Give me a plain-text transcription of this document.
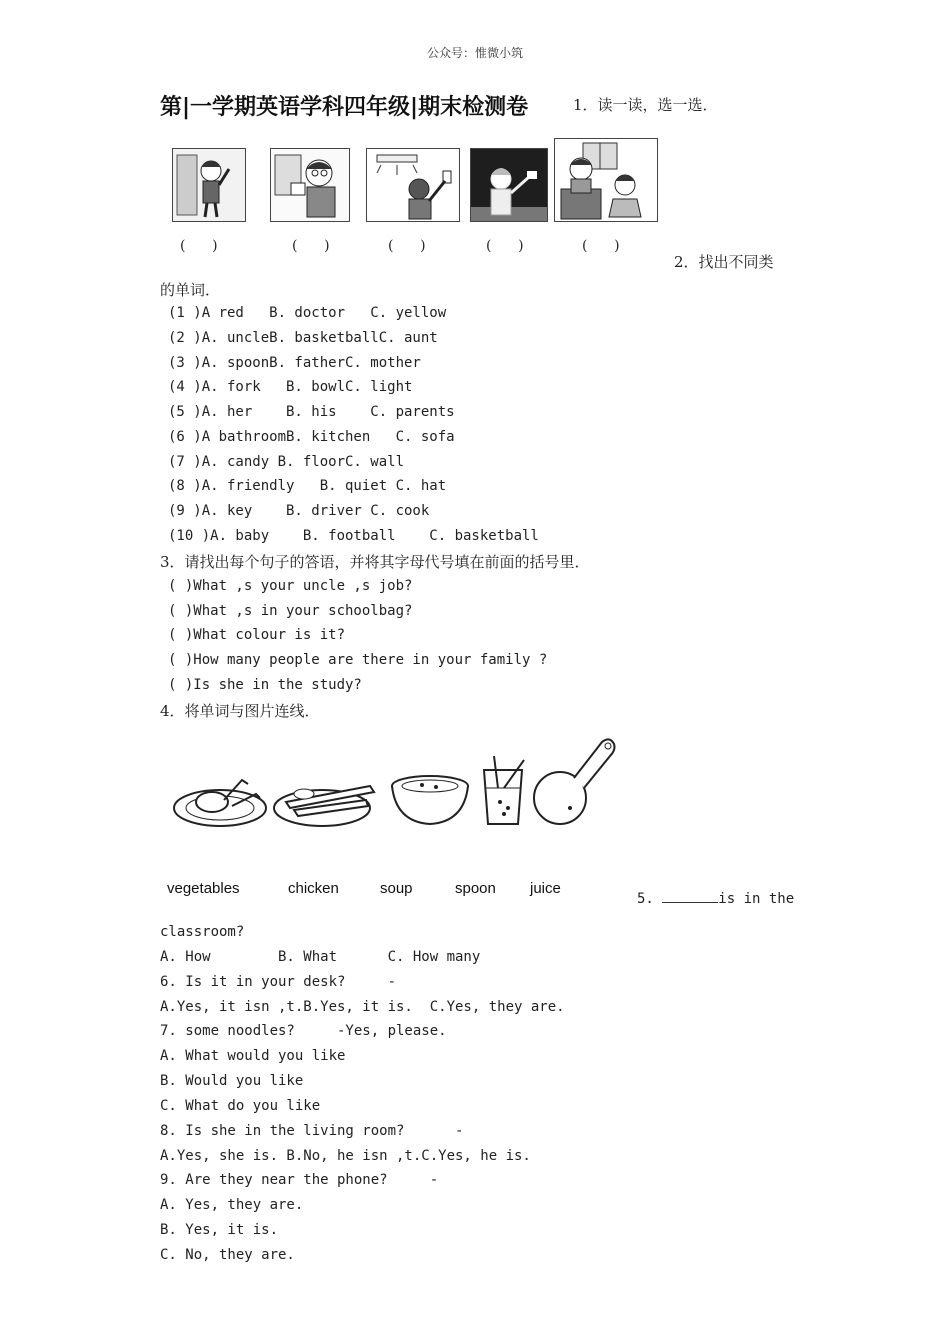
公众号：惟微小筑
第|一学期英语学科四年级|期末检测卷	1．读一读，选一选．
(      )	(      )	(      )	(      )	(      )
2．找出不同类
的单词．
(1 )A red   B. doctor   C. yellow
(2 )A. uncleB. basketballC. aunt
(3 )A. spoonB. fatherC. mother
(4 )A. fork   B. bowlC. light
(5 )A. her    B. his    C. parents
(6 )A bathroomB. kitchen   C. sofa
(7 )A. candy B. floorC. wall
(8 )A. friendly   B. quiet C. hat
(9 )A. key    B. driver C. cook
(10 )A. baby    B. football    C. basketball
3．请找出每个句子的答语，并将其字母代号填在前面的括号里．
( )What ,s your uncle ,s job?
( )What ,s in your schoolbag?
( )What colour is it?
( )How many people are there in your family ?
( )Is she in the study?
4．将单词与图片连线．
vegetables	chicken	soup	spoon juice
5.	is in the
classroom?
A. How        B. What      C. How many
6. Is it in your desk?     -
A.Yes, it isn ,t.B.Yes, it is.  C.Yes, they are.
7. some noodles?     -Yes, please.
A. What would you like
B. Would you like
C. What do you like
8. Is she in the living room?      -
A.Yes, she is. B.No, he isn ,t.C.Yes, he is.
9. Are they near the phone?     -
A. Yes, they are.
B. Yes, it is.
C. No, they are.
